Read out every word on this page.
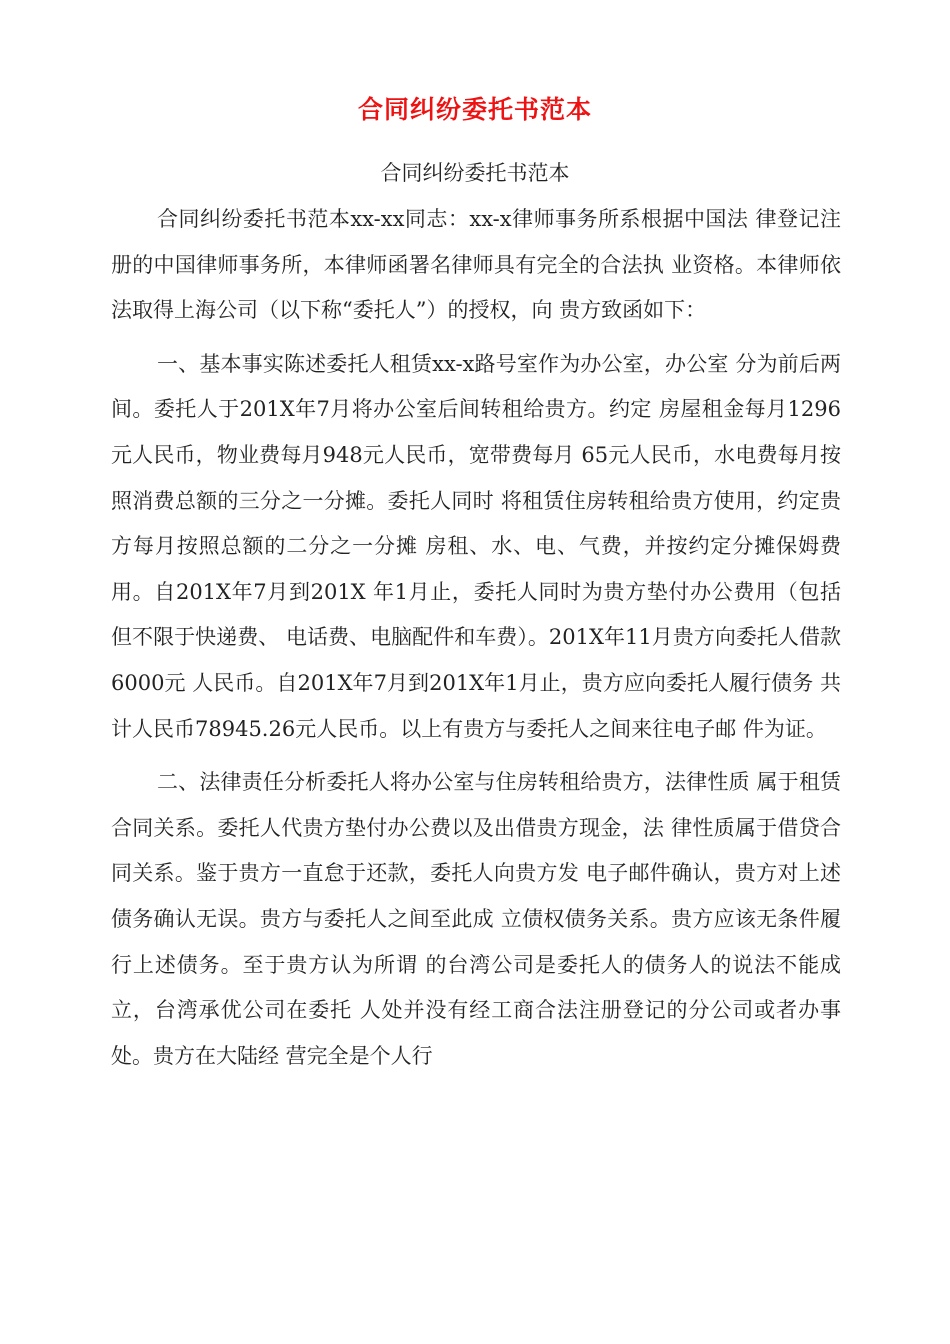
合同纠纷委托书范本
合同纠纷委托书范本

合同纠纷委托书范本xx-xx同志：xx-x律师事务所系根据中国法 律登记注册的中国律师事务所，本律师函署名律师具有完全的合法执 业资格。本律师依法取得上海公司（以下称“委托人”）的授权，向 贵方致函如下：

一、基本事实陈述委托人租赁xx-x路号室作为办公室，办公室 分为前后两间。委托人于201X年7月将办公室后间转租给贵方。约定 房屋租金每月1296元人民币，物业费每月948元人民币，宽带费每月 65元人民币，水电费每月按照消费总额的三分之一分摊。委托人同时 将租赁住房转租给贵方使用，约定贵方每月按照总额的二分之一分摊 房租、水、电、气费，并按约定分摊保姆费用。自201X年7月到201X 年1月止，委托人同时为贵方垫付办公费用（包括但不限于快递费、 电话费、电脑配件和车费）。201X年11月贵方向委托人借款6000元 人民币。自201X年7月到201X年1月止，贵方应向委托人履行债务 共计人民币78945.26元人民币。以上有贵方与委托人之间来往电子邮 件为证。

二、法律责任分析委托人将办公室与住房转租给贵方，法律性质 属于租赁合同关系。委托人代贵方垫付办公费以及出借贵方现金，法 律性质属于借贷合同关系。鉴于贵方一直怠于还款，委托人向贵方发 电子邮件确认，贵方对上述债务确认无误。贵方与委托人之间至此成 立债权债务关系。贵方应该无条件履行上述债务。至于贵方认为所谓 的台湾公司是委托人的债务人的说法不能成立，台湾承优公司在委托 人处并没有经工商合法注册登记的分公司或者办事处。贵方在大陆经 营完全是个人行
